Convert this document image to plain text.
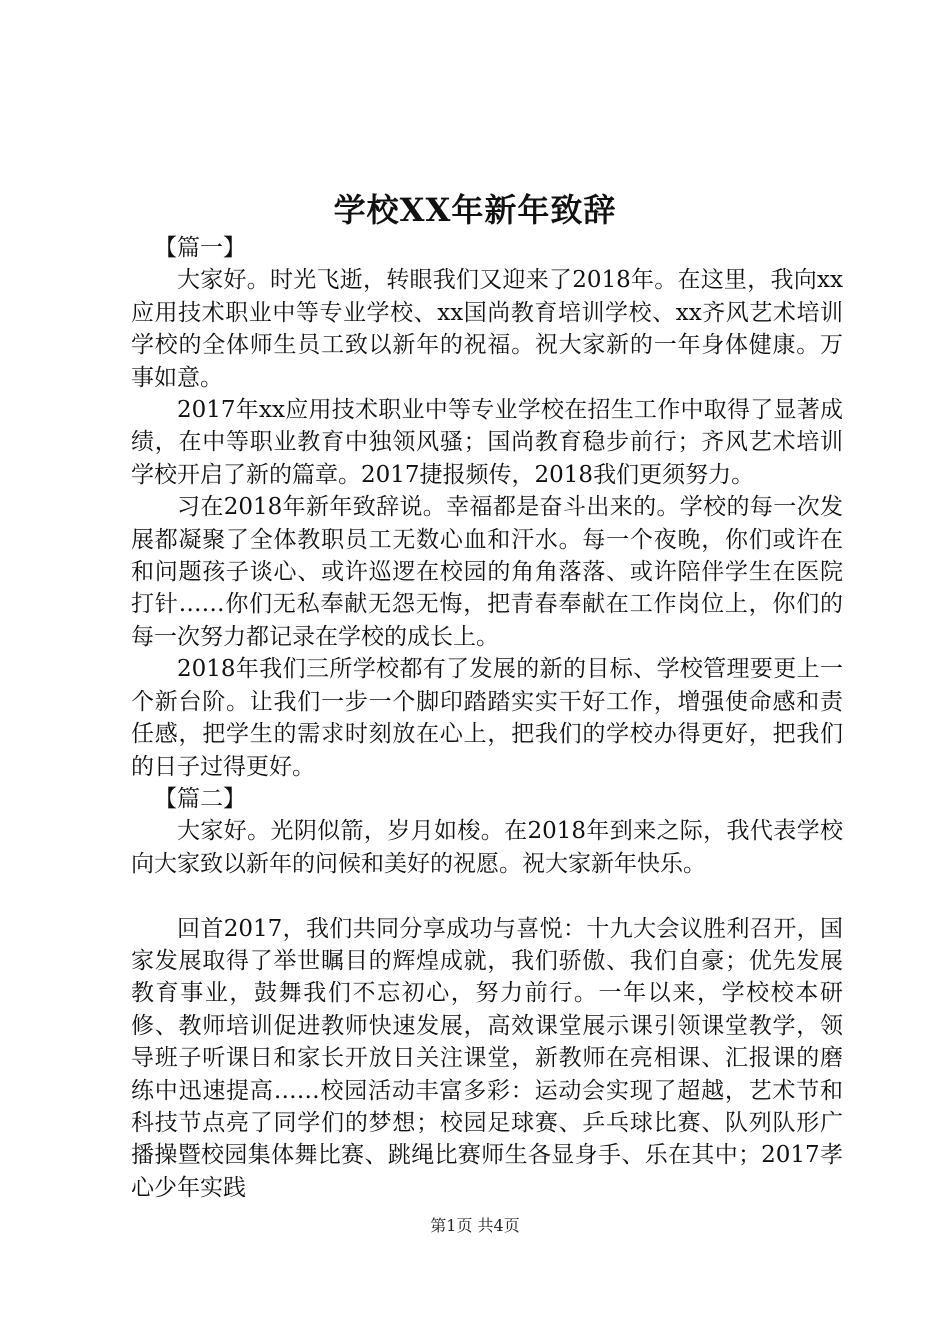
学校XX年新年致辞

【篇一】

大家好。时光飞逝，转眼我们又迎来了2018年。在这里，我向xx应用技术职业中等专业学校、xx国尚教育培训学校、xx齐风艺术培训学校的全体师生员工致以新年的祝福。祝大家新的一年身体健康。万事如意。

2017年xx应用技术职业中等专业学校在招生工作中取得了显著成绩，在中等职业教育中独领风骚；国尚教育稳步前行；齐风艺术培训学校开启了新的篇章。2017捷报频传，2018我们更须努力。

习在2018年新年致辞说。幸福都是奋斗出来的。学校的每一次发展都凝聚了全体教职员工无数心血和汗水。每一个夜晚，你们或许在和问题孩子谈心、或许巡逻在校园的角角落落、或许陪伴学生在医院打针……你们无私奉献无怨无悔，把青春奉献在工作岗位上，你们的每一次努力都记录在学校的成长上。

2018年我们三所学校都有了发展的新的目标、学校管理要更上一个新台阶。让我们一步一个脚印踏踏实实干好工作，增强使命感和责任感，把学生的需求时刻放在心上，把我们的学校办得更好，把我们的日子过得更好。

【篇二】

大家好。光阴似箭，岁月如梭。在2018年到来之际，我代表学校向大家致以新年的问候和美好的祝愿。祝大家新年快乐。

回首2017，我们共同分享成功与喜悦：十九大会议胜利召开，国家发展取得了举世瞩目的辉煌成就，我们骄傲、我们自豪；优先发展教育事业，鼓舞我们不忘初心，努力前行。一年以来，学校校本研修、教师培训促进教师快速发展，高效课堂展示课引领课堂教学，领导班子听课日和家长开放日关注课堂，新教师在亮相课、汇报课的磨练中迅速提高……校园活动丰富多彩：运动会实现了超越，艺术节和科技节点亮了同学们的梦想；校园足球赛、乒乓球比赛、队列队形广播操暨校园集体舞比赛、跳绳比赛师生各显身手、乐在其中；2017孝心少年实践

第1页 共4页
